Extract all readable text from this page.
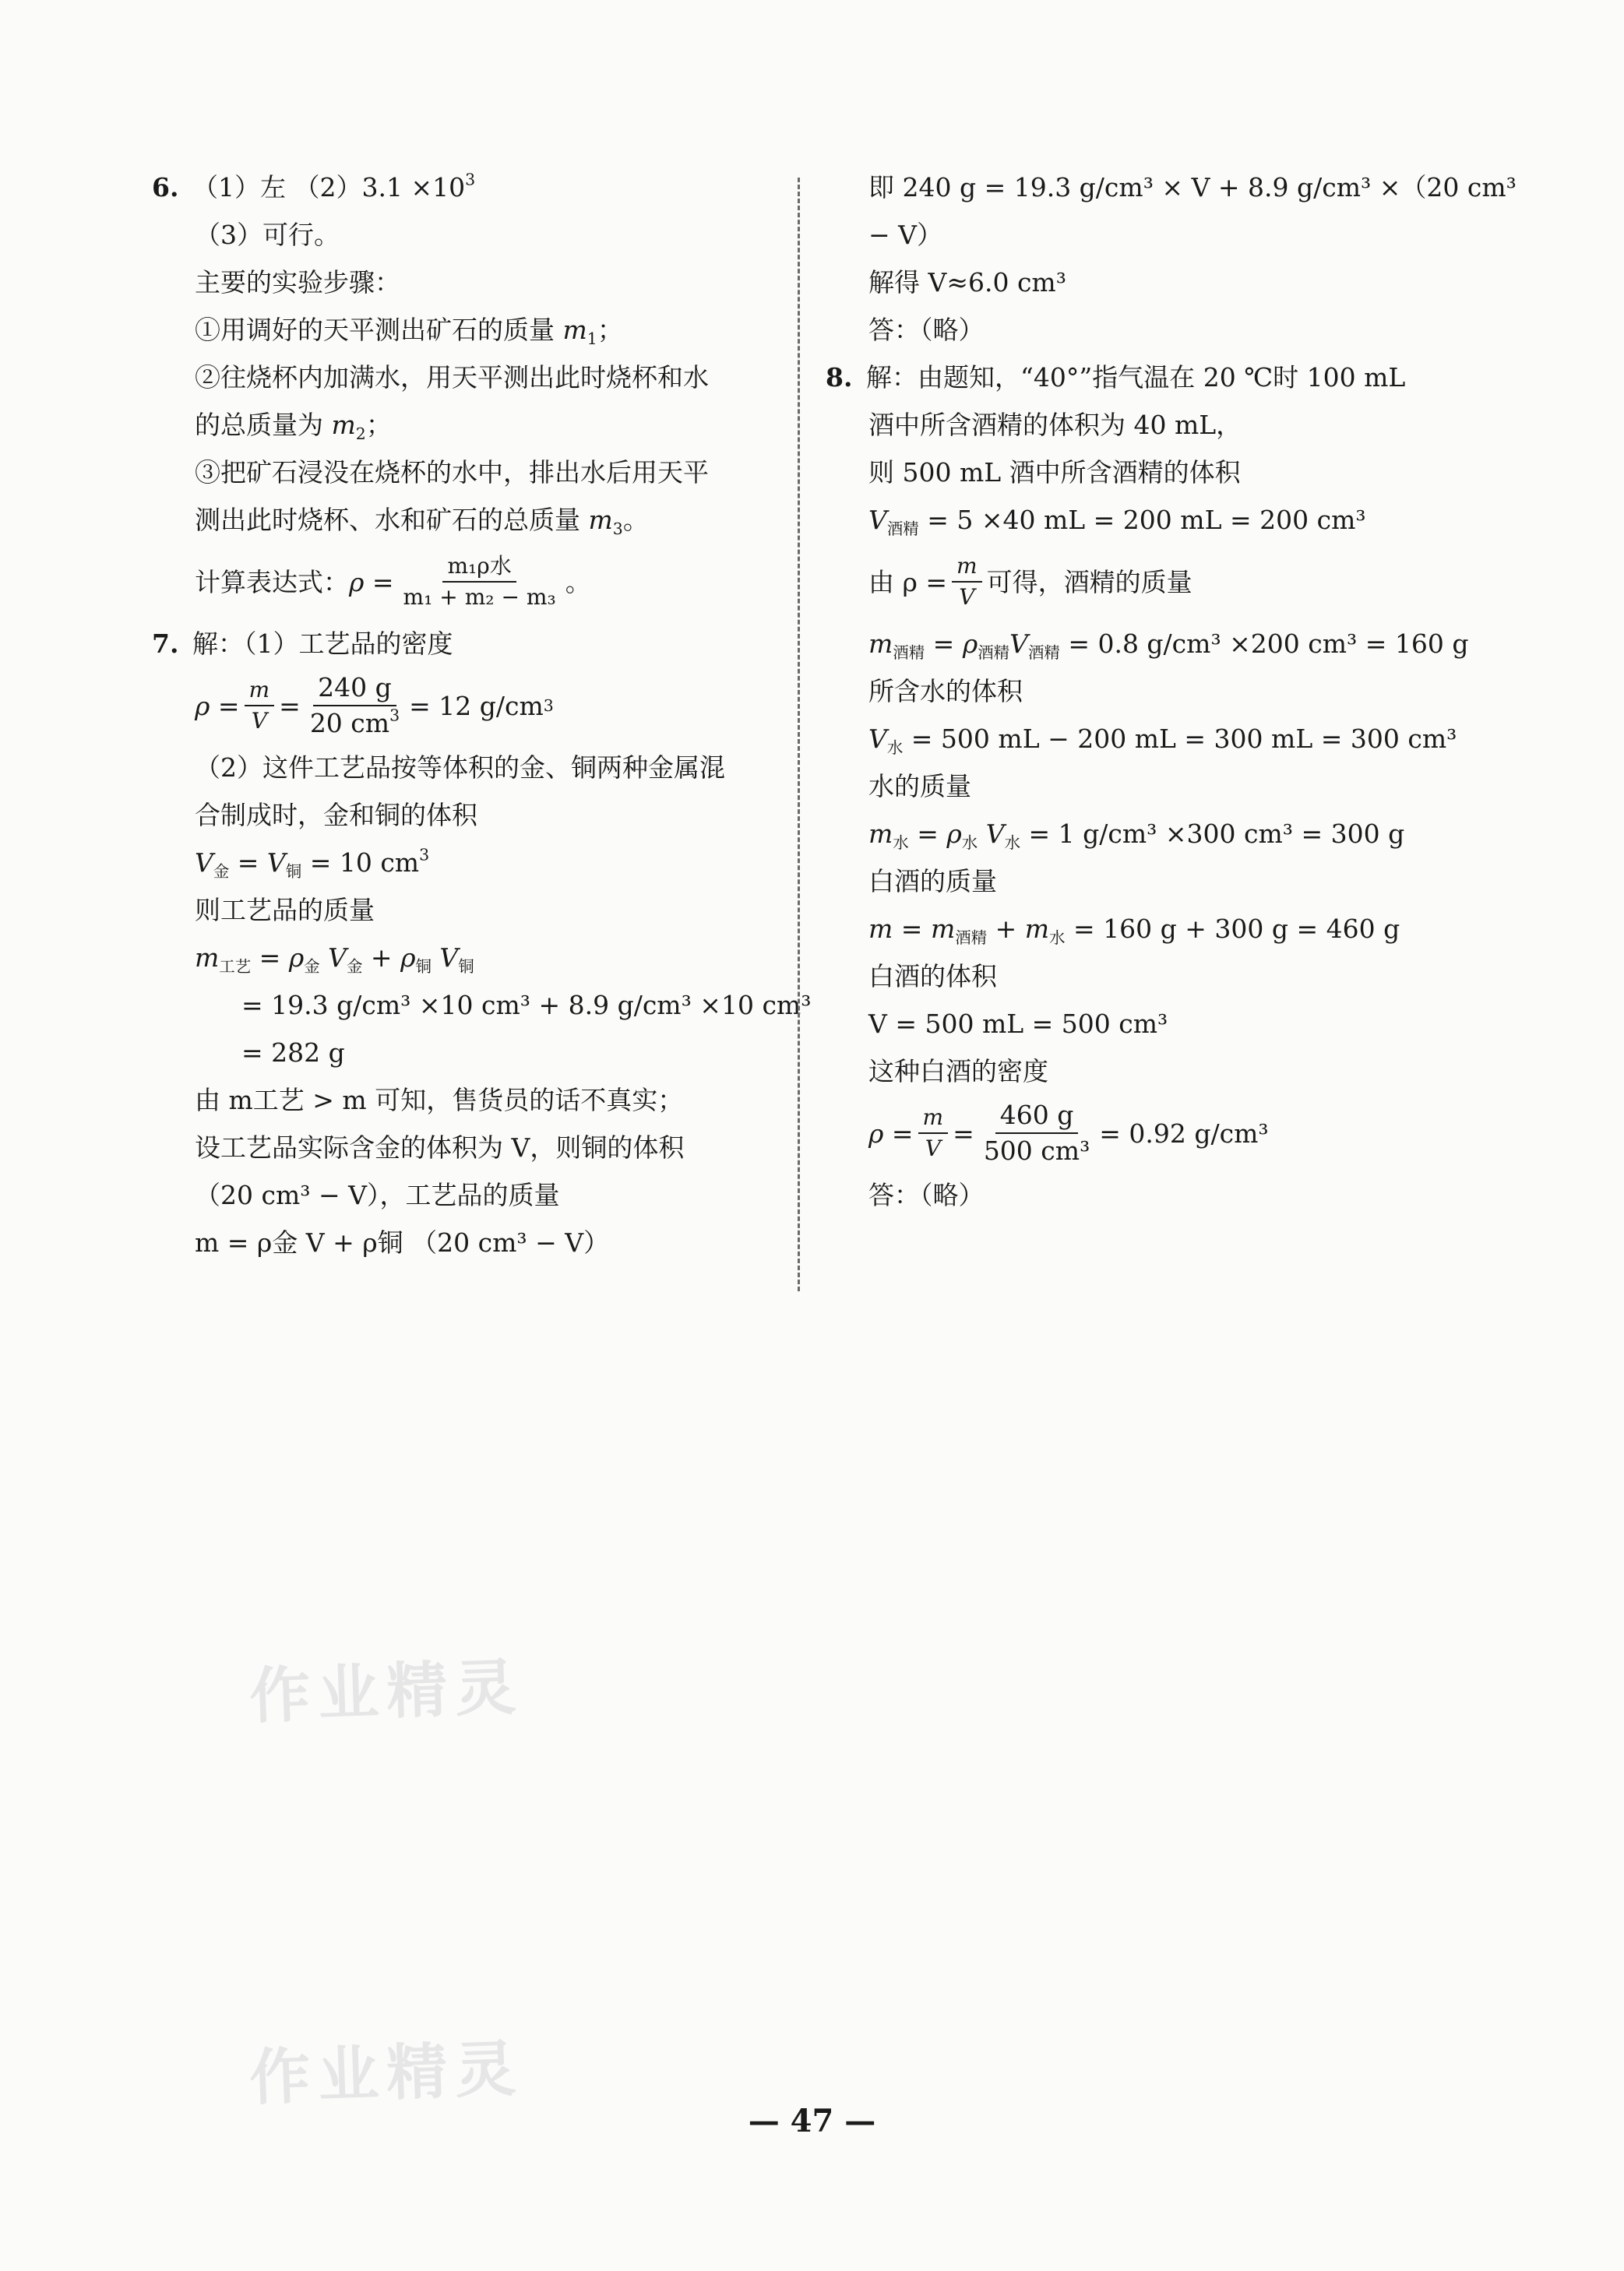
6. （1）左 $(2)3.1 \times 10^3$
（3）可行。
主要的实验步骤：
①用调好的天平测出矿石的质量 $m_1$；
②往烧杯内加满水，用天平测出此时烧杯和水
的总质量为 $m_2$；
③把矿石浸没在烧杯的水中，排出水后用天平
测出此时烧杯、水和矿石的总质量 $m_3$。
计算表达式： $\rho = \frac{\text{m₁ρ水}}{\text{m₁ + m₂ − m₃}}$ 。
7. 解：（1）工艺品的密度
$\rho = \frac{m}{V} = \frac{240 g}{20 cm^3} = 12$ g/cm 3
（2）这件工艺品按等体积的金、铜两种金属混
合制成时，金和铜的体积
$V_金 = V_铜 = 10$ $cm^3$
则工艺品的质量
$m_{工艺} = \rho_金$ $V_金 + \rho_铜$ $V_铜$
= 19.3 g/cm³ ×10 cm³ + 8.9 g/cm³ ×10 cm³
= 282 g
由 m工艺 > m 可知，售货员的话不真实；
设工艺品实际含金的体积为 V，则铜的体积
（20 cm³ − V），工艺品的质量
m = ρ金 V + ρ铜 （20 cm³ − V）
即 240 g = 19.3 g/cm³ × V + 8.9 g/cm³ ×（20 cm³
− V）
解得 V≈6.0 cm³
答：（略）
8. 解：由题知，“40°”指气温在 20 ℃时 100 mL
酒中所含酒精的体积为 40 mL，
则 500 mL 酒中所含酒精的体积
$V_{酒精} = 5 \times 40$ mL = 200 mL = 200 cm³
由 $\rho = \frac{m}{V}$ 可得，酒精的质量
$m_{酒精} = \rho_{酒精}V_{酒精} = 0.8$ g/cm³ ×200 cm³ = 160 g
所含水的体积
$V_水 = 500$ mL − 200 mL = 300 mL = 300 cm³
水的质量
$m_水 = \rho_水$ $V_水 = 1$ g/cm³ ×300 cm³ = 300 g
白酒的质量
$m = m_{酒精} + m_水 = 160$ g + 300 g = 460 g
白酒的体积
V = 500 mL = 500 cm³
这种白酒的密度
$\rho = \frac{m}{V} = \frac{460 g}{\text{500 cm³}} = 0.92$ g/cm³
答：（略）
作业精灵
作业精灵
— 47 —
